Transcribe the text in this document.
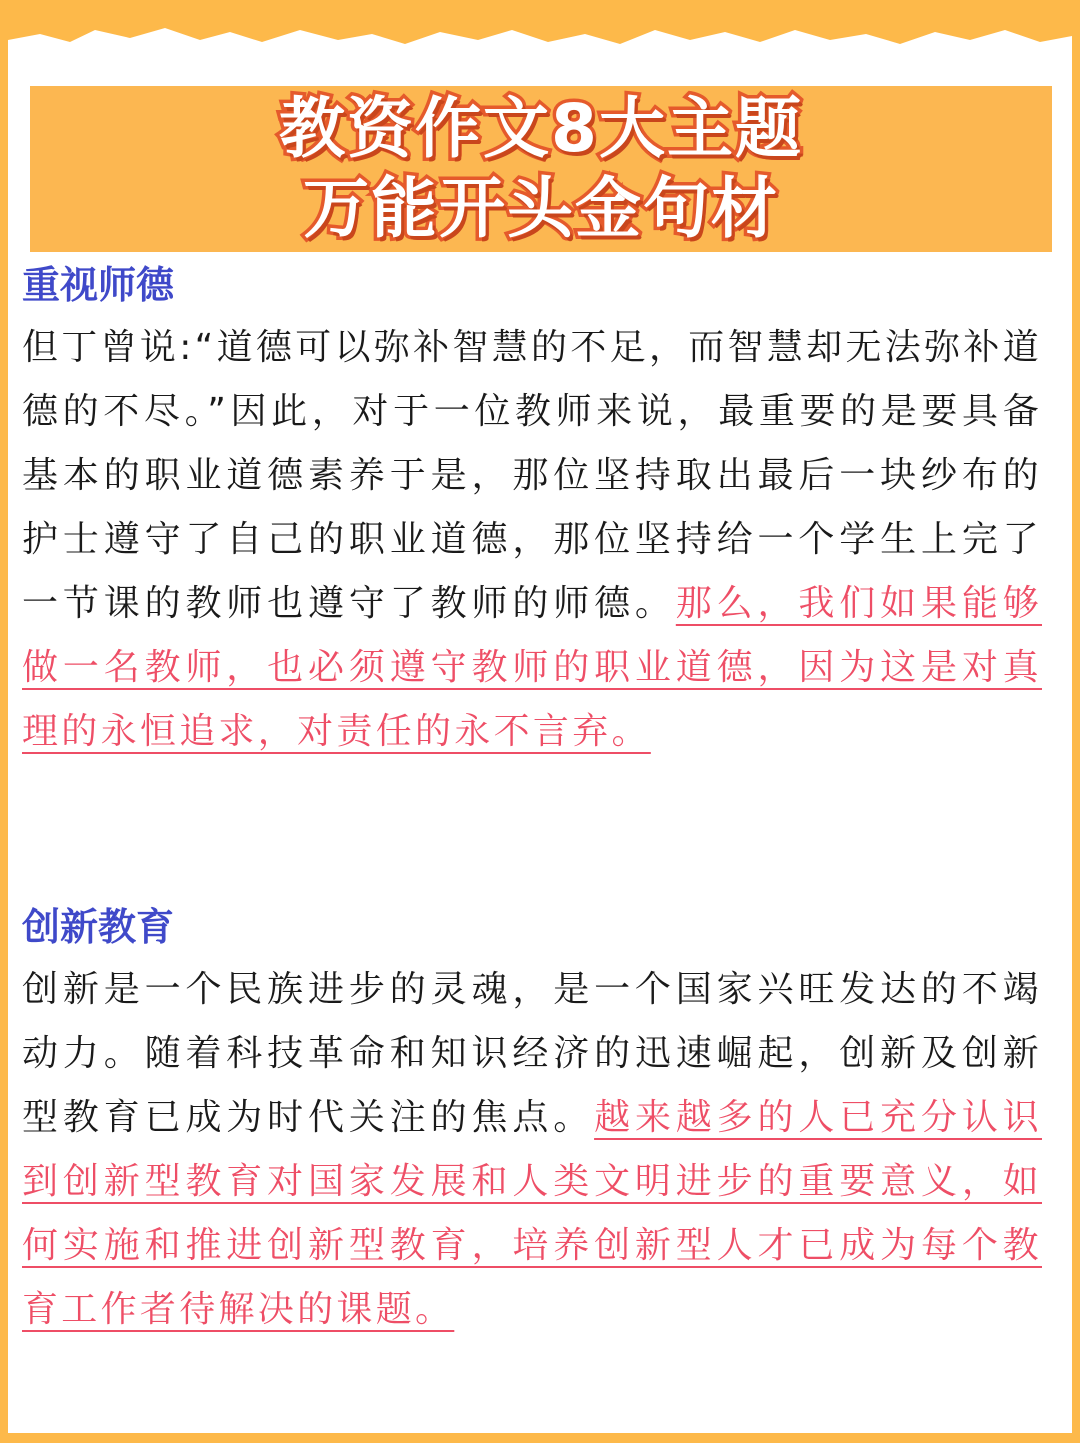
教资作文8大主题
万能开头金句材
重视师德

但丁曾说:“道德可以弥补智慧的不足，而智慧却无法弥补道德的不尽。”因此，对于一位教师来说，最重要的是要具备基本的职业道德素养于是，那位坚持取出最后一块纱布的护士遵守了自己的职业道德，那位坚持给一个学生上完了一节课的教师也遵守了教师的师德。那么，我们如果能够做一名教师，也必须遵守教师的职业道德，因为这是对真理的永恒追求，对责任的永不言弃。

创新教育

创新是一个民族进步的灵魂，是一个国家兴旺发达的不竭动力。随着科技革命和知识经济的迅速崛起，创新及创新型教育已成为时代关注的焦点。越来越多的人已充分认识到创新型教育对国家发展和人类文明进步的重要意义，如何实施和推进创新型教育，培养创新型人才已成为每个教育工作者待解决的课题。
